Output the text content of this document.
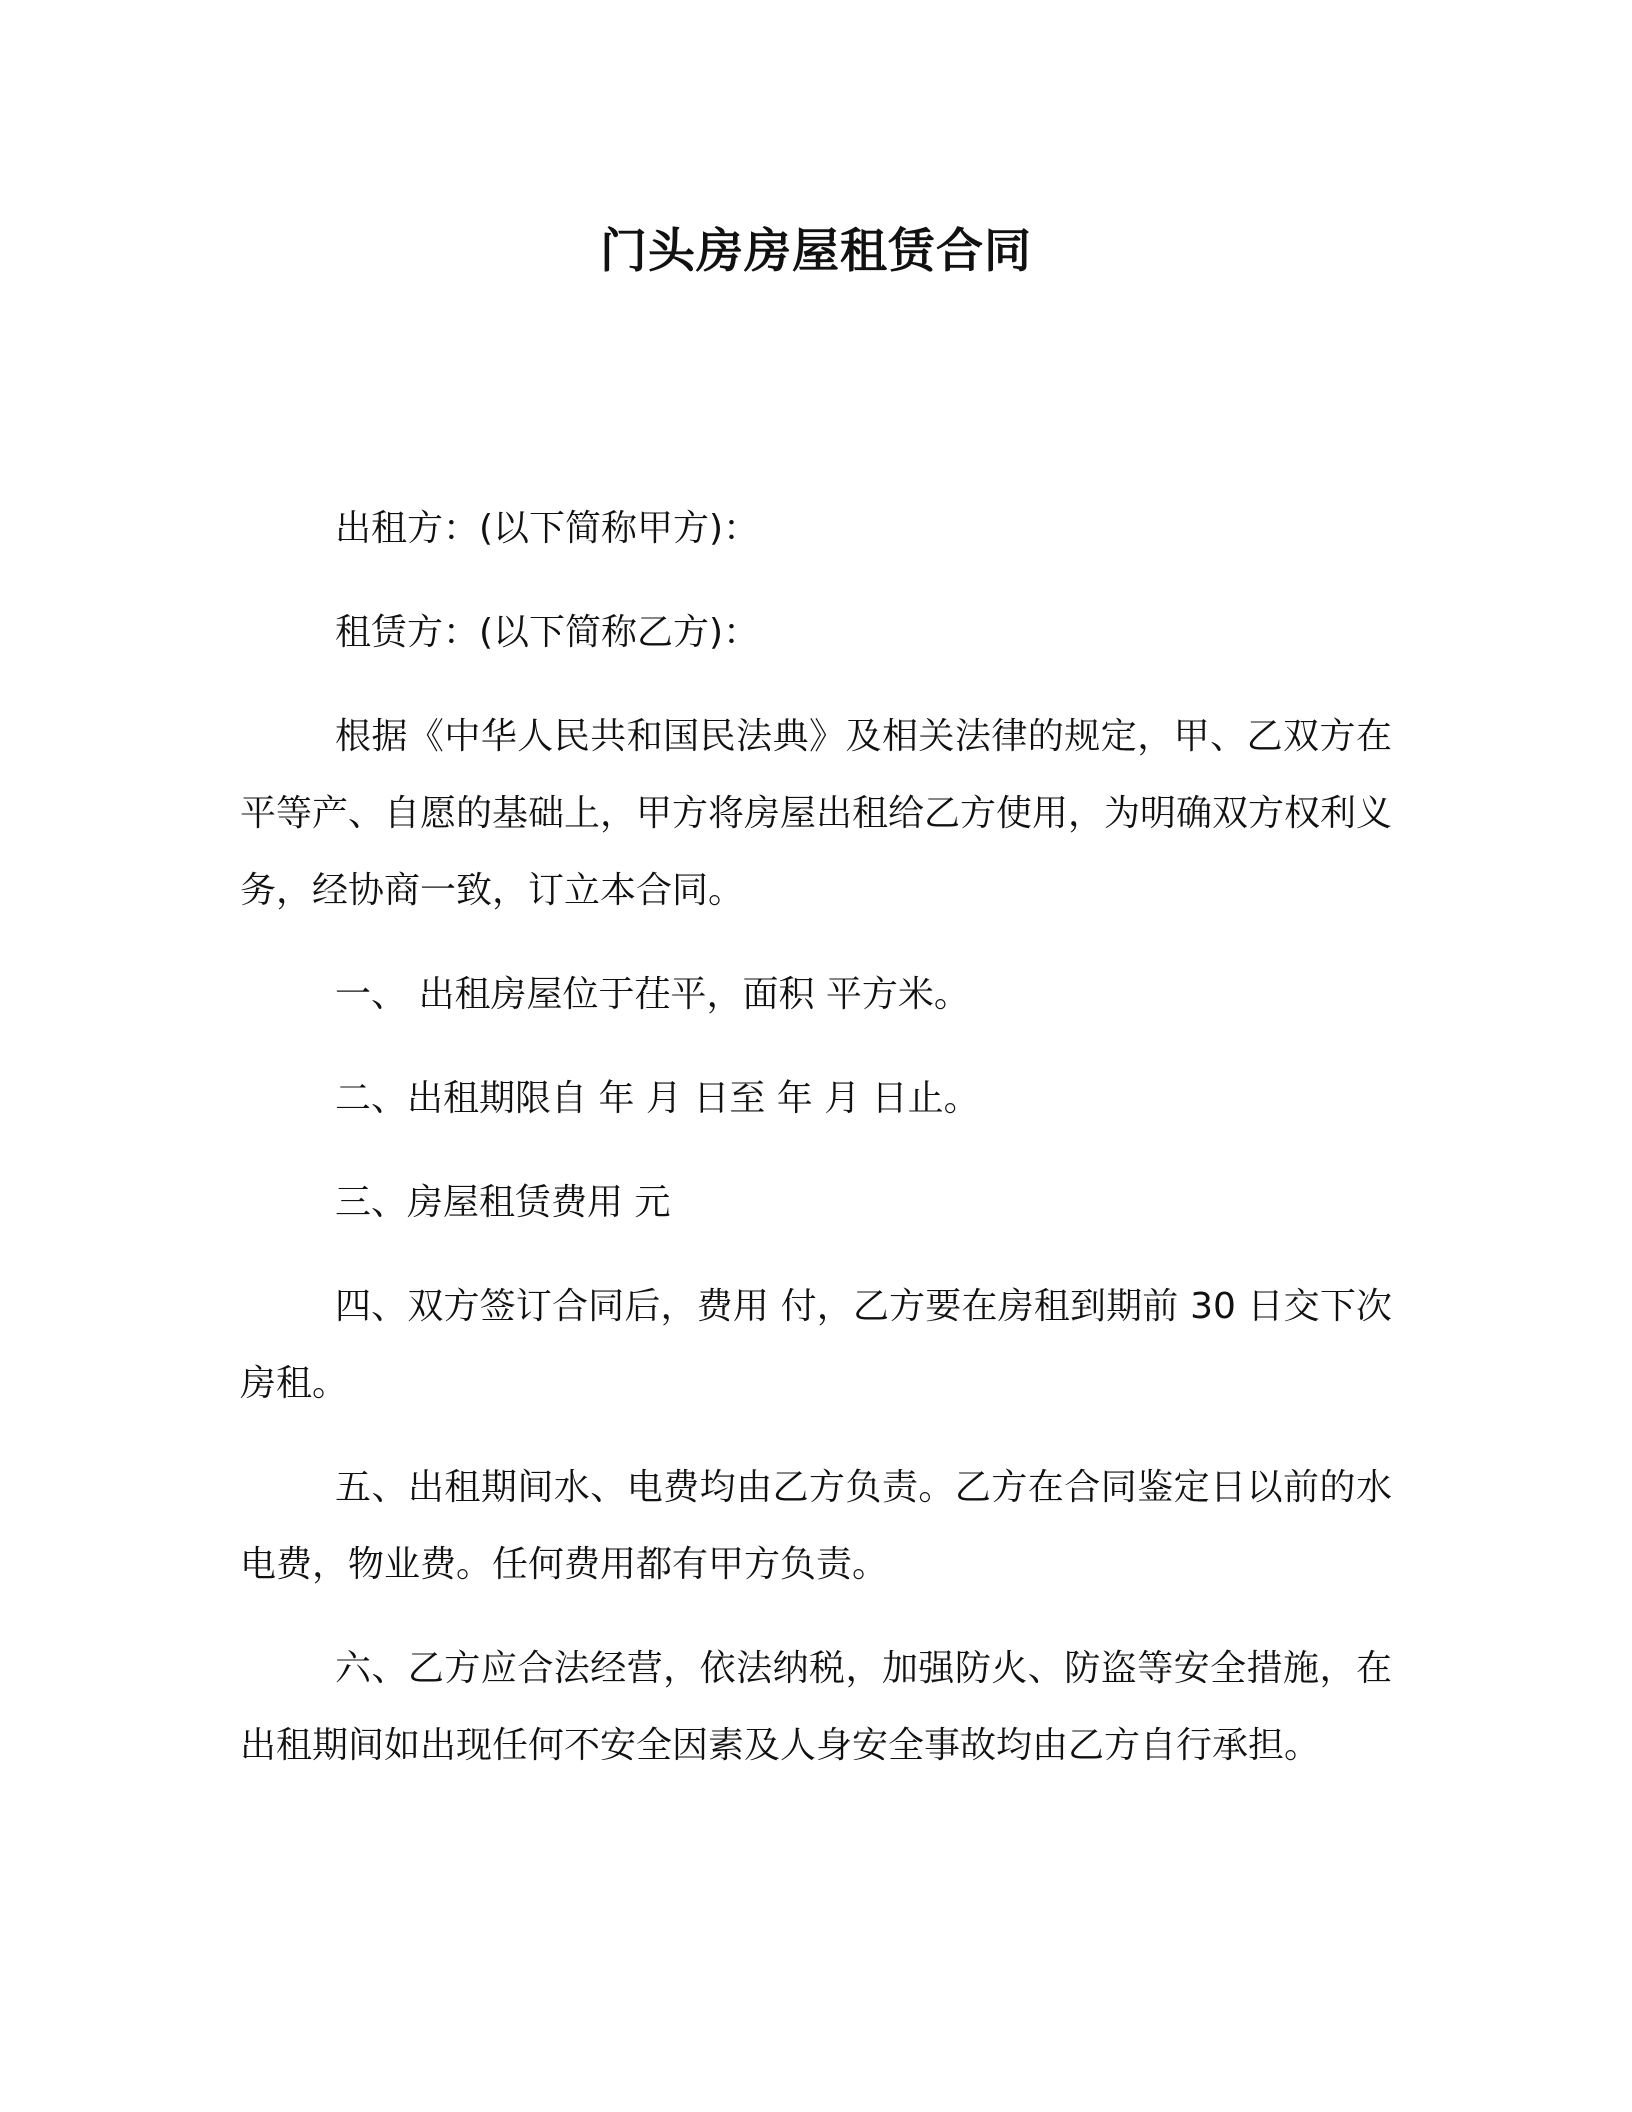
门头房房屋租赁合同

出租方：(以下简称甲方)：

租赁方：(以下简称乙方)：

根据《中华人民共和国民法典》及相关法律的规定，甲、乙双方在平等产、自愿的基础上，甲方将房屋出租给乙方使用，为明确双方权利义务，经协商一致，订立本合同。

一、 出租房屋位于茌平，面积 平方米。

二、出租期限自 年 月 日至 年 月 日止。

三、房屋租赁费用 元

四、双方签订合同后，费用 付，乙方要在房租到期前 30 日交下次房租。

五、出租期间水、电费均由乙方负责。乙方在合同鉴定日以前的水电费，物业费。任何费用都有甲方负责。

六、乙方应合法经营，依法纳税，加强防火、防盗等安全措施，在出租期间如出现任何不安全因素及人身安全事故均由乙方自行承担。
